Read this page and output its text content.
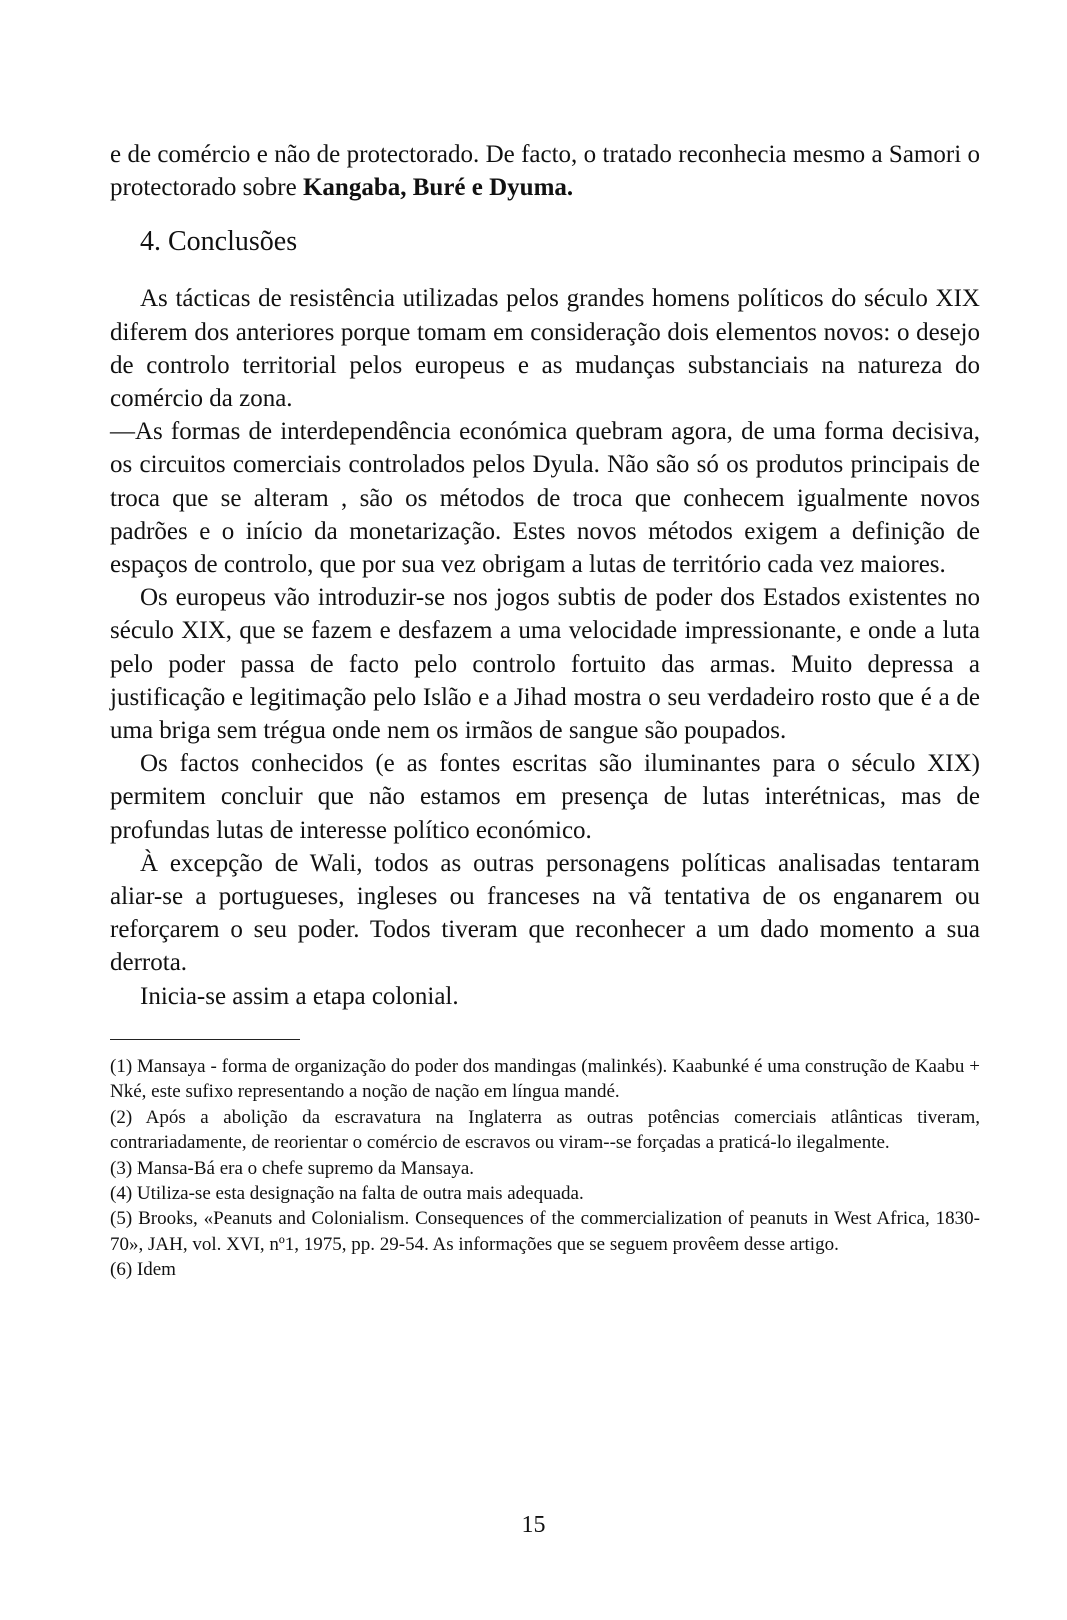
e de comércio e não de protectorado. De facto, o tratado reconhecia mesmo a Samori o protectorado sobre Kangaba, Buré e Dyuma.

4. Conclusões

As tácticas de resistência utilizadas pelos grandes homens políticos do século XIX diferem dos anteriores porque tomam em consideração dois elementos novos: o desejo de controlo territorial pelos europeus e as mudanças substanciais na natureza do comércio da zona.

—As formas de interdependência económica quebram agora, de uma forma decisiva, os circuitos comerciais controlados pelos Dyula. Não são só os produtos principais de troca que se alteram , são os métodos de troca que conhecem igualmente novos padrões e o início da monetarização. Estes novos métodos exigem a definição de espaços de controlo, que por sua vez obrigam a lutas de território cada vez maiores.

Os europeus vão introduzir-se nos jogos subtis de poder dos Estados existentes no século XIX, que se fazem e desfazem a uma velocidade impressionante, e onde a luta pelo poder passa de facto pelo controlo fortuito das armas. Muito depressa a justificação e legitimação pelo Islão e a Jihad mostra o seu verdadeiro rosto que é a de uma briga sem trégua onde nem os irmãos de sangue são poupados.

Os factos conhecidos (e as fontes escritas são iluminantes para o século XIX) permitem concluir que não estamos em presença de lutas interétnicas, mas de profundas lutas de interesse político económico.

À excepção de Wali, todos as outras personagens políticas analisadas tentaram aliar-se a portugueses, ingleses ou franceses na vã tentativa de os enganarem ou reforçarem o seu poder. Todos tiveram que reconhecer a um dado momento a sua derrota.

Inicia-se assim a etapa colonial.

(1) Mansaya - forma de organização do poder dos mandingas (malinkés). Kaabunké é uma construção de Kaabu + Nké, este sufixo representando a noção de nação em língua mandé.

(2) Após a abolição da escravatura na Inglaterra as outras potências comerciais atlânticas tiveram, contrariadamente, de reorientar o comércio de escravos ou viram--se forçadas a praticá-lo ilegalmente.

(3) Mansa-Bá era o chefe supremo da Mansaya.

(4) Utiliza-se esta designação na falta de outra mais adequada.

(5) Brooks, «Peanuts and Colonialism. Consequences of the commercialization of peanuts in West Africa, 1830-70», JAH, vol. XVI, nº1, 1975, pp. 29-54. As informações que se seguem provêem desse artigo.

(6) Idem

15
